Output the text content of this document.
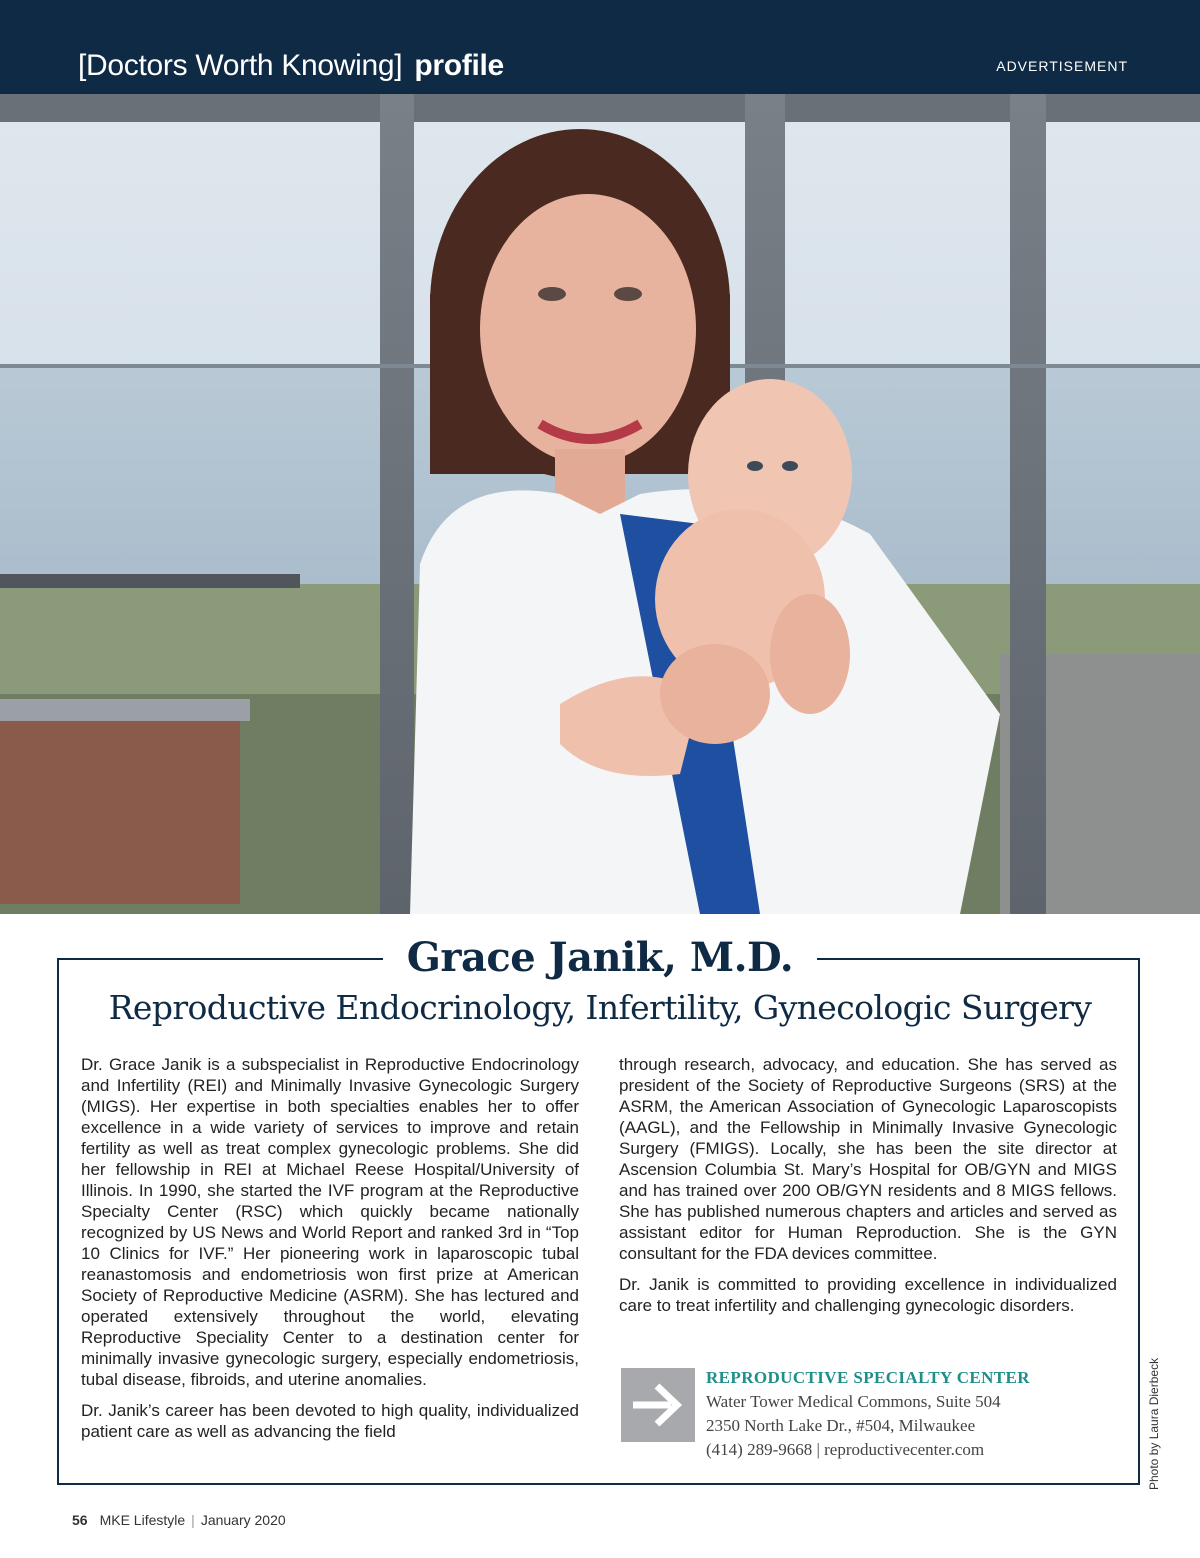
[Doctors Worth Knowing] profile	ADVERTISEMENT
Grace Janik, M.D.
Reproductive Endocrinology, Infertility, Gynecologic Surgery

Dr. Grace Janik is a subspecialist in Reproductive Endocrinology and Infertility (REI) and Minimally Invasive Gynecologic Surgery (MIGS). Her expertise in both specialties enables her to offer excellence in a wide variety of services to improve and retain fertility as well as treat complex gynecologic problems. She did her fellowship in REI at Michael Reese Hospital/University of Illinois. In 1990, she started the IVF program at the Reproductive Specialty Center (RSC) which quickly became nationally recognized by US News and World Report and ranked 3rd in “Top 10 Clinics for IVF.” Her pioneering work in laparoscopic tubal reanastomosis and endometriosis won first prize at American Society of Reproductive Medicine (ASRM). She has lectured and operated extensively throughout the world, elevating Reproductive Speciality Center to a destination center for minimally invasive gynecologic surgery, especially endometriosis, tubal disease, fibroids, and uterine anomalies.

Dr. Janik’s career has been devoted to high quality, individualized patient care as well as advancing the field

through research, advocacy, and education. She has served as president of the Society of Reproductive Surgeons (SRS) at the ASRM, the American Association of Gynecologic Laparoscopists (AAGL), and the Fellowship in Minimally Invasive Gynecologic Surgery (FMIGS). Locally, she has been the site director at Ascension Columbia St. Mary’s Hospital for OB/GYN and MIGS and has trained over 200 OB/GYN residents and 8 MIGS fellows. She has published numerous chapters and articles and served as assistant editor for Human Reproduction. She is the GYN consultant for the FDA devices committee.

Dr. Janik is committed to providing excellence in individualized care to treat infertility and challenging gynecologic disorders.

REPRODUCTIVE SPECIALTY CENTER
Water Tower Medical Commons, Suite 504
2350 North Lake Dr., #504, Milwaukee
(414) 289-9668 | reproductivecenter.com	Photo by Laura Dierbeck
56 MKE Lifestyle | January 2020
